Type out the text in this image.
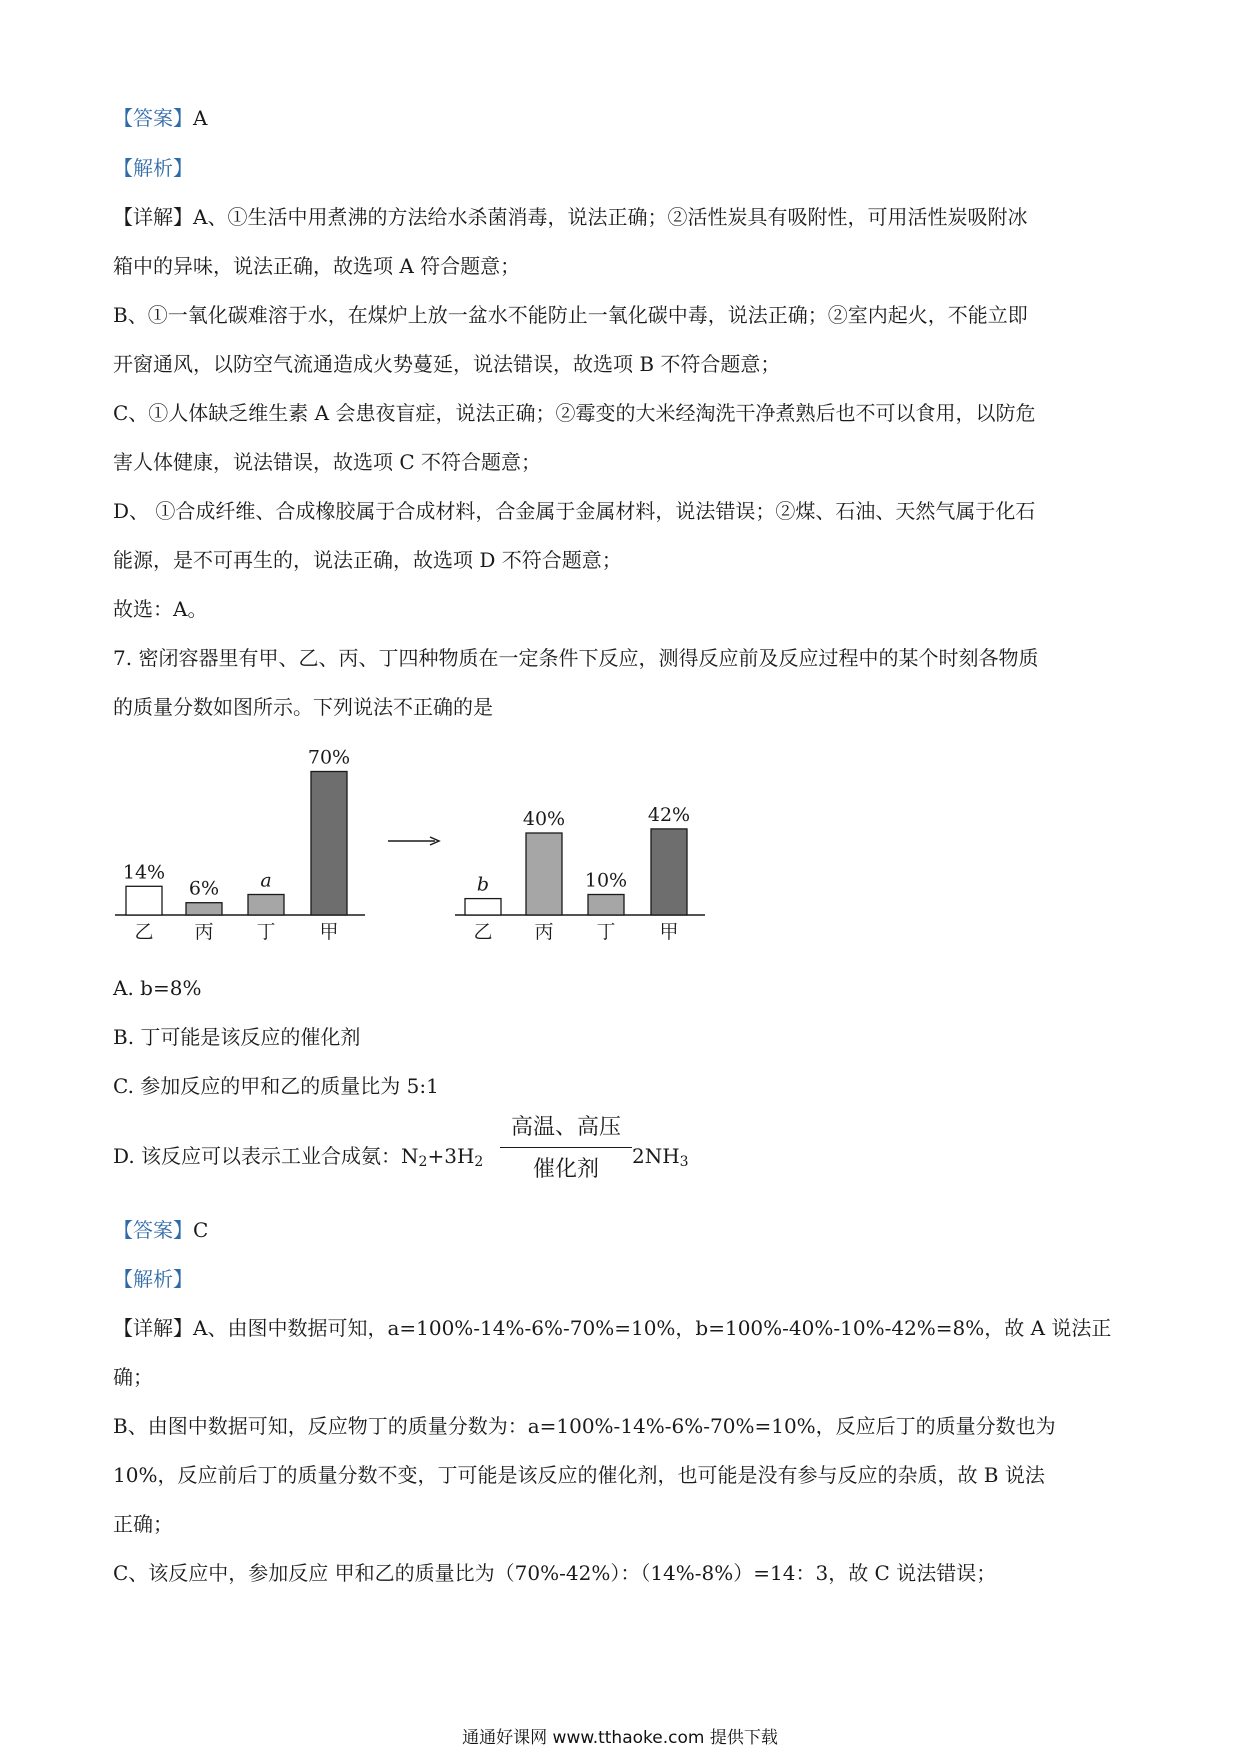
【答案】A
【解析】
【详解】A、①生活中用煮沸的方法给水杀菌消毒，说法正确；②活性炭具有吸附性，可用活性炭吸附冰
箱中的异味，说法正确，故选项 A 符合题意；
B、①一氧化碳难溶于水，在煤炉上放一盆水不能防止一氧化碳中毒，说法正确；②室内起火，不能立即
开窗通风，以防空气流通造成火势蔓延，说法错误，故选项 B 不符合题意；
C、①人体缺乏维生素 A 会患夜盲症，说法正确；②霉变的大米经淘洗干净煮熟后也不可以食用，以防危
害人体健康，说法错误，故选项 C 不符合题意；
D、 ①合成纤维、合成橡胶属于合成材料，合金属于金属材料，说法错误；②煤、石油、天然气属于化石
能源，是不可再生的，说法正确，故选项 D 不符合题意；
故选：A。
7. 密闭容器里有甲、乙、丙、丁四种物质在一定条件下反应，测得反应前及反应过程中的某个时刻各物质
的质量分数如图所示。下列说法不正确的是
14%
乙
6%
丙
a
丁
70%
甲
b
乙
40%
丙
10%
丁
42%
甲
A. b=8%
B. 丁可能是该反应的催化剂
C. 参加反应的甲和乙的质量比为 5:1
D. 该反应可以表示工业合成氨：$N_2+3H_2$
高温、高压
催化剂
$2NH_3$
【答案】C
【解析】
【详解】A、由图中数据可知，a=100%-14%-6%-70%=10%，b=100%-40%-10%-42%=8%，故 A 说法正
确；
B、由图中数据可知，反应物丁的质量分数为：a=100%-14%-6%-70%=10%，反应后丁的质量分数也为
10%，反应前后丁的质量分数不变，丁可能是该反应的催化剂，也可能是没有参与反应的杂质，故 B 说法
正确；
C、该反应中，参加反应 甲和乙的质量比为（70%-42%）：（14%-8%）=14：3，故 C 说法错误；
通通好课网 www.tthaoke.com 提供下载
